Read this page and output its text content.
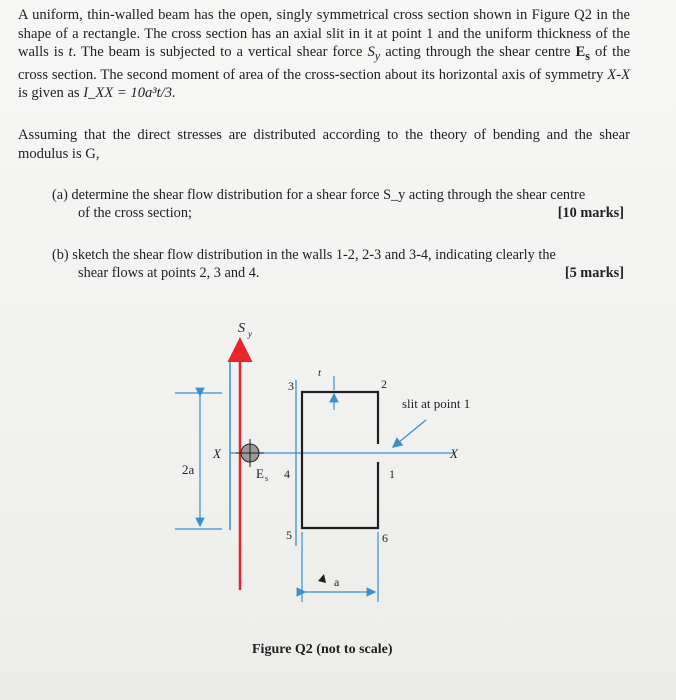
A uniform, thin-walled beam has the open, singly symmetrical cross section shown in Figure Q2 in the shape of a rectangle. The cross section has an axial slit in it at point 1 and the uniform thickness of the walls is t. The beam is subjected to a vertical shear force $S_y$ acting through the shear centre $E_s$ of the cross section. The second moment of area of the cross-section about its horizontal axis of symmetry X-X is given as I_XX = 10a³t/3.
Assuming that the direct stresses are distributed according to the theory of bending and the shear modulus is G,
(a) determine the shear flow distribution for a shear force S_y acting through the shear centre
of the cross section;	[10 marks]
(b) sketch the shear flow distribution in the walls 1-2, 2-3 and 3-4, indicating clearly the
shear flows at points 2, 3 and 4.	[5 marks]
2a
S y
X	X
E s
t
slit at point 1
2
3
4	1
5	6
a
Figure Q2 (not to scale)
